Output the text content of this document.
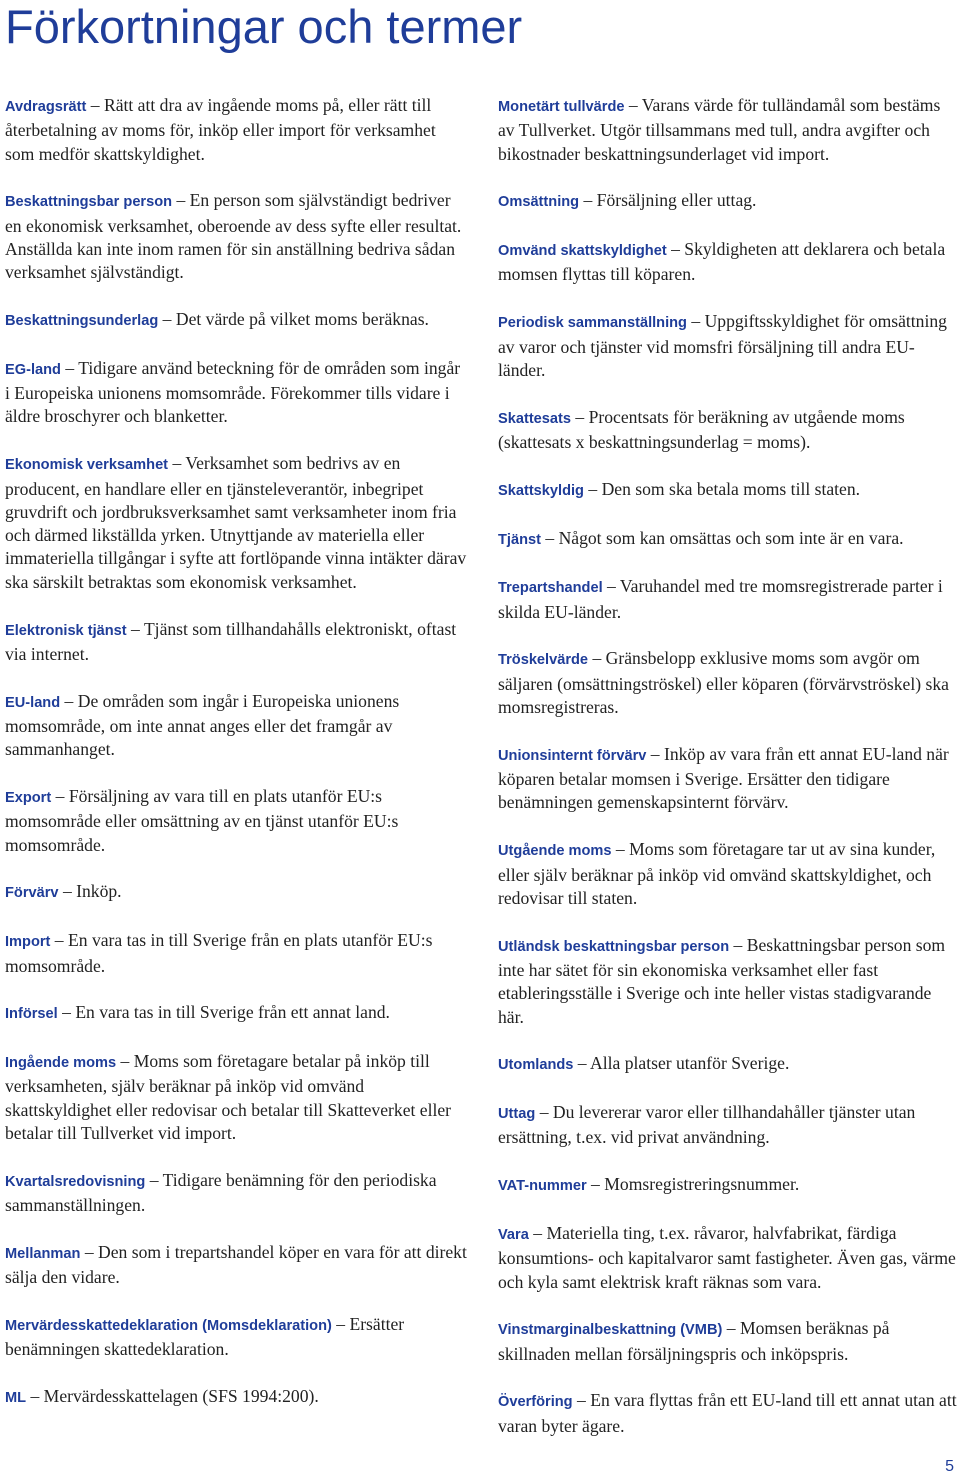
Förkortningar och termer

Avdragsrätt – Rätt att dra av ingående moms på, eller rätt till återbetalning av moms för, inköp eller import för verksamhet som medför skattskyldighet.

Beskattningsbar person – En person som självständigt bedriver en ekonomisk verksamhet, oberoende av dess syfte eller resultat. Anställda kan inte inom ramen för sin anställning bedriva sådan verksamhet självständigt.

Beskattningsunderlag – Det värde på vilket moms beräknas.

EG-land – Tidigare använd beteckning för de områden som ingår i Europeiska unionens momsområde. Förekommer tills vidare i äldre broschyrer och blanketter.

Ekonomisk verksamhet – Verksamhet som bedrivs av en producent, en handlare eller en tjänsteleverantör, inbegripet gruvdrift och jordbruksverksamhet samt verksamheter inom fria och därmed likställda yrken. Utnyttjande av materiella eller immateriella tillgångar i syfte att fortlöpande vinna intäkter därav ska särskilt betraktas som ekonomisk verksamhet.

Elektronisk tjänst – Tjänst som tillhandahålls elektroniskt, oftast via internet.

EU-land – De områden som ingår i Europeiska unionens momsområde, om inte annat anges eller det framgår av sammanhanget.

Export – Försäljning av vara till en plats utanför EU:s momsområde eller omsättning av en tjänst utanför EU:s momsområde.

Förvärv – Inköp.

Import – En vara tas in till Sverige från en plats utanför EU:s momsområde.

Införsel – En vara tas in till Sverige från ett annat land.

Ingående moms – Moms som företagare betalar på inköp till verksamheten, själv beräknar på inköp vid omvänd skattskyldighet eller redovisar och betalar till Skatteverket eller betalar till Tullverket vid import.

Kvartalsredovisning – Tidigare benämning för den periodiska sammanställningen.

Mellanman – Den som i trepartshandel köper en vara för att direkt sälja den vidare.

Mervärdesskattedeklaration (Momsdeklaration) – Ersätter benämningen skattedeklaration.

ML – Mervärdesskattelagen (SFS 1994:200).

Monetärt tullvärde – Varans värde för tulländamål som bestäms av Tullverket. Utgör tillsammans med tull, andra avgifter och bikostnader beskattningsunderlaget vid import.

Omsättning – Försäljning eller uttag.

Omvänd skattskyldighet – Skyldigheten att deklarera och betala momsen flyttas till köparen.

Periodisk sammanställning – Uppgiftsskyldighet för omsättning av varor och tjänster vid momsfri försäljning till andra EU-länder.

Skattesats – Procentsats för beräkning av utgående moms (skattesats x beskattningsunderlag = moms).

Skattskyldig – Den som ska betala moms till staten.

Tjänst – Något som kan omsättas och som inte är en vara.

Trepartshandel – Varuhandel med tre momsregistrerade parter i skilda EU-länder.

Tröskelvärde – Gränsbelopp exklusive moms som avgör om säljaren (omsättningströskel) eller köparen (förvärvströskel) ska momsregistreras.

Unionsinternt förvärv – Inköp av vara från ett annat EU-land när köparen betalar momsen i Sverige. Ersätter den tidigare benämningen gemenskapsinternt förvärv.

Utgående moms – Moms som företagare tar ut av sina kunder, eller själv beräknar på inköp vid omvänd skattskyldighet, och redovisar till staten.

Utländsk beskattningsbar person – Beskattningsbar person som inte har sätet för sin ekonomiska verksamhet eller fast etableringsställe i Sverige och inte heller vistas stadigvarande här.

Utomlands – Alla platser utanför Sverige.

Uttag – Du levererar varor eller tillhandahåller tjänster utan ersättning, t.ex. vid privat användning.

VAT-nummer – Momsregistreringsnummer.

Vara – Materiella ting, t.ex. råvaror, halvfabrikat, färdiga konsumtions- och kapitalvaror samt fastigheter. Även gas, värme och kyla samt elektrisk kraft räknas som vara.

Vinstmarginalbeskattning (VMB) – Momsen beräknas på skillnaden mellan försäljningspris och inköpspris.

Överföring – En vara flyttas från ett EU-land till ett annat utan att varan byter ägare.

5
